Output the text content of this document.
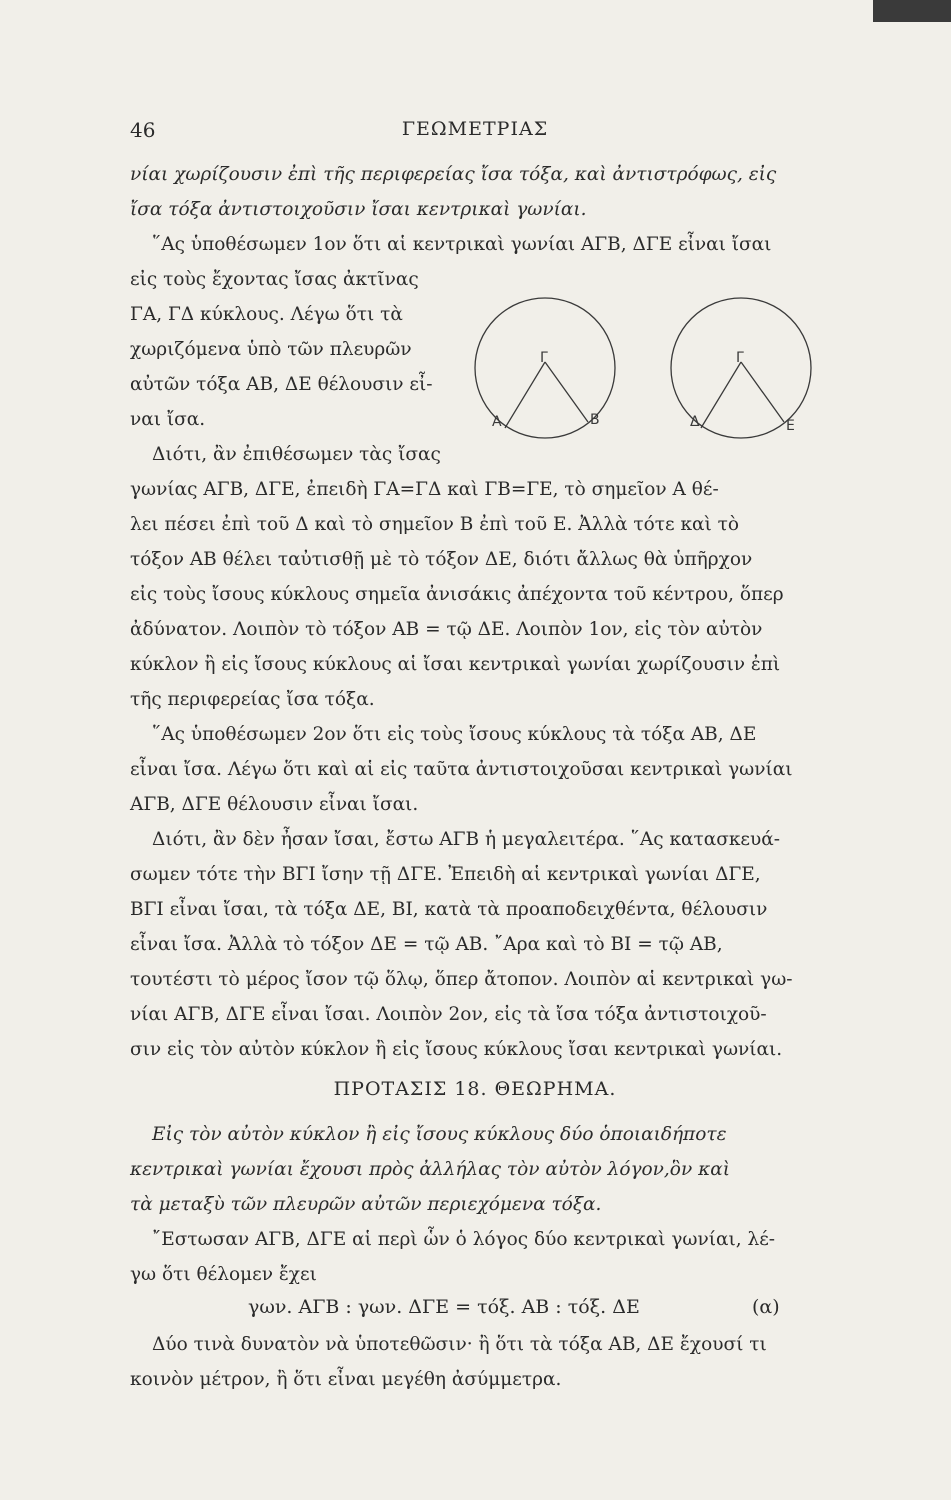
46	ΓΕΩΜΕΤΡΙΑΣ
νίαι χωρίζουσιν ἐπὶ τῆς περιφερείας ἴσα τόξα, καὶ ἀντιστρόφως, εἰς
ἴσα τόξα ἀντιστοιχοῦσιν ἴσαι κεντρικαὶ γωνίαι.
῞Ας ὑποθέσωμεν 1ον ὅτι αἱ κεντρικαὶ γωνίαι ΑΓΒ, ΔΓΕ εἶναι ἴσαι
εἰς τοὺς ἔχοντας ἴσας ἀκτῖνας
ΓΑ, ΓΔ κύκλους. Λέγω ὅτι τὰ
χωριζόμενα ὑπὸ τῶν πλευρῶν
αὐτῶν τόξα ΑΒ, ΔΕ θέλουσιν εἶ-
ναι ἴσα.
Γ
Α	Β
Γ
Δ	Ε
Διότι, ἂν ἐπιθέσωμεν τὰς ἴσας
γωνίας ΑΓΒ, ΔΓΕ, ἐπειδὴ ΓΑ=ΓΔ καὶ ΓΒ=ΓΕ, τὸ σημεῖον Α θέ-
λει πέσει ἐπὶ τοῦ Δ καὶ τὸ σημεῖον Β ἐπὶ τοῦ Ε. Ἀλλὰ τότε καὶ τὸ
τόξον ΑΒ θέλει ταὐτισθῇ μὲ τὸ τόξον ΔΕ, διότι ἄλλως θὰ ὑπῆρχον
εἰς τοὺς ἴσους κύκλους σημεῖα ἀνισάκις ἀπέχοντα τοῦ κέντρου, ὅπερ
ἀδύνατον. Λοιπὸν τὸ τόξον ΑΒ = τῷ ΔΕ. Λοιπὸν 1ον, εἰς τὸν αὐτὸν
κύκλον ἢ εἰς ἴσους κύκλους αἱ ἴσαι κεντρικαὶ γωνίαι χωρίζουσιν ἐπὶ
τῆς περιφερείας ἴσα τόξα.
῞Ας ὑποθέσωμεν 2ον ὅτι εἰς τοὺς ἴσους κύκλους τὰ τόξα ΑΒ, ΔΕ
εἶναι ἴσα. Λέγω ὅτι καὶ αἱ εἰς ταῦτα ἀντιστοιχοῦσαι κεντρικαὶ γωνίαι
ΑΓΒ, ΔΓΕ θέλουσιν εἶναι ἴσαι.
Διότι, ἂν δὲν ἦσαν ἴσαι, ἔστω ΑΓΒ ἡ μεγαλειτέρα. ῞Ας κατασκευά-
σωμεν τότε τὴν ΒΓΙ ἴσην τῇ ΔΓΕ. Ἐπειδὴ αἱ κεντρικαὶ γωνίαι ΔΓΕ,
ΒΓΙ εἶναι ἴσαι, τὰ τόξα ΔΕ, ΒΙ, κατὰ τὰ προαποδειχθέντα, θέλουσιν
εἶναι ἴσα. Ἀλλὰ τὸ τόξον ΔΕ = τῷ ΑΒ. ῎Αρα καὶ τὸ ΒΙ = τῷ ΑΒ,
τουτέστι τὸ μέρος ἴσον τῷ ὅλῳ, ὅπερ ἄτοπον. Λοιπὸν αἱ κεντρικαὶ γω-
νίαι ΑΓΒ, ΔΓΕ εἶναι ἴσαι. Λοιπὸν 2ον, εἰς τὰ ἴσα τόξα ἀντιστοιχοῦ-
σιν εἰς τὸν αὐτὸν κύκλον ἢ εἰς ἴσους κύκλους ἴσαι κεντρικαὶ γωνίαι.
ΠΡΟΤΑΣΙΣ 18. ΘΕΩΡΗΜΑ.
Εἰς τὸν αὐτὸν κύκλον ἢ εἰς ἴσους κύκλους δύο ὁποιαιδήποτε
κεντρικαὶ γωνίαι ἔχουσι πρὸς ἀλλήλας τὸν αὐτὸν λόγον,ὃν καὶ
τὰ μεταξὺ τῶν πλευρῶν αὐτῶν περιεχόμενα τόξα.
῎Εστωσαν ΑΓΒ, ΔΓΕ αἱ περὶ ὧν ὁ λόγος δύο κεντρικαὶ γωνίαι, λέ-
γω ὅτι θέλομεν ἔχει
γων. ΑΓΒ : γων. ΔΓΕ = τόξ. ΑΒ : τόξ. ΔΕ	(α)
Δύο τινὰ δυνατὸν νὰ ὑποτεθῶσιν· ἢ ὅτι τὰ τόξα ΑΒ, ΔΕ ἔχουσί τι
κοινὸν μέτρον, ἢ ὅτι εἶναι μεγέθη ἀσύμμετρα.
